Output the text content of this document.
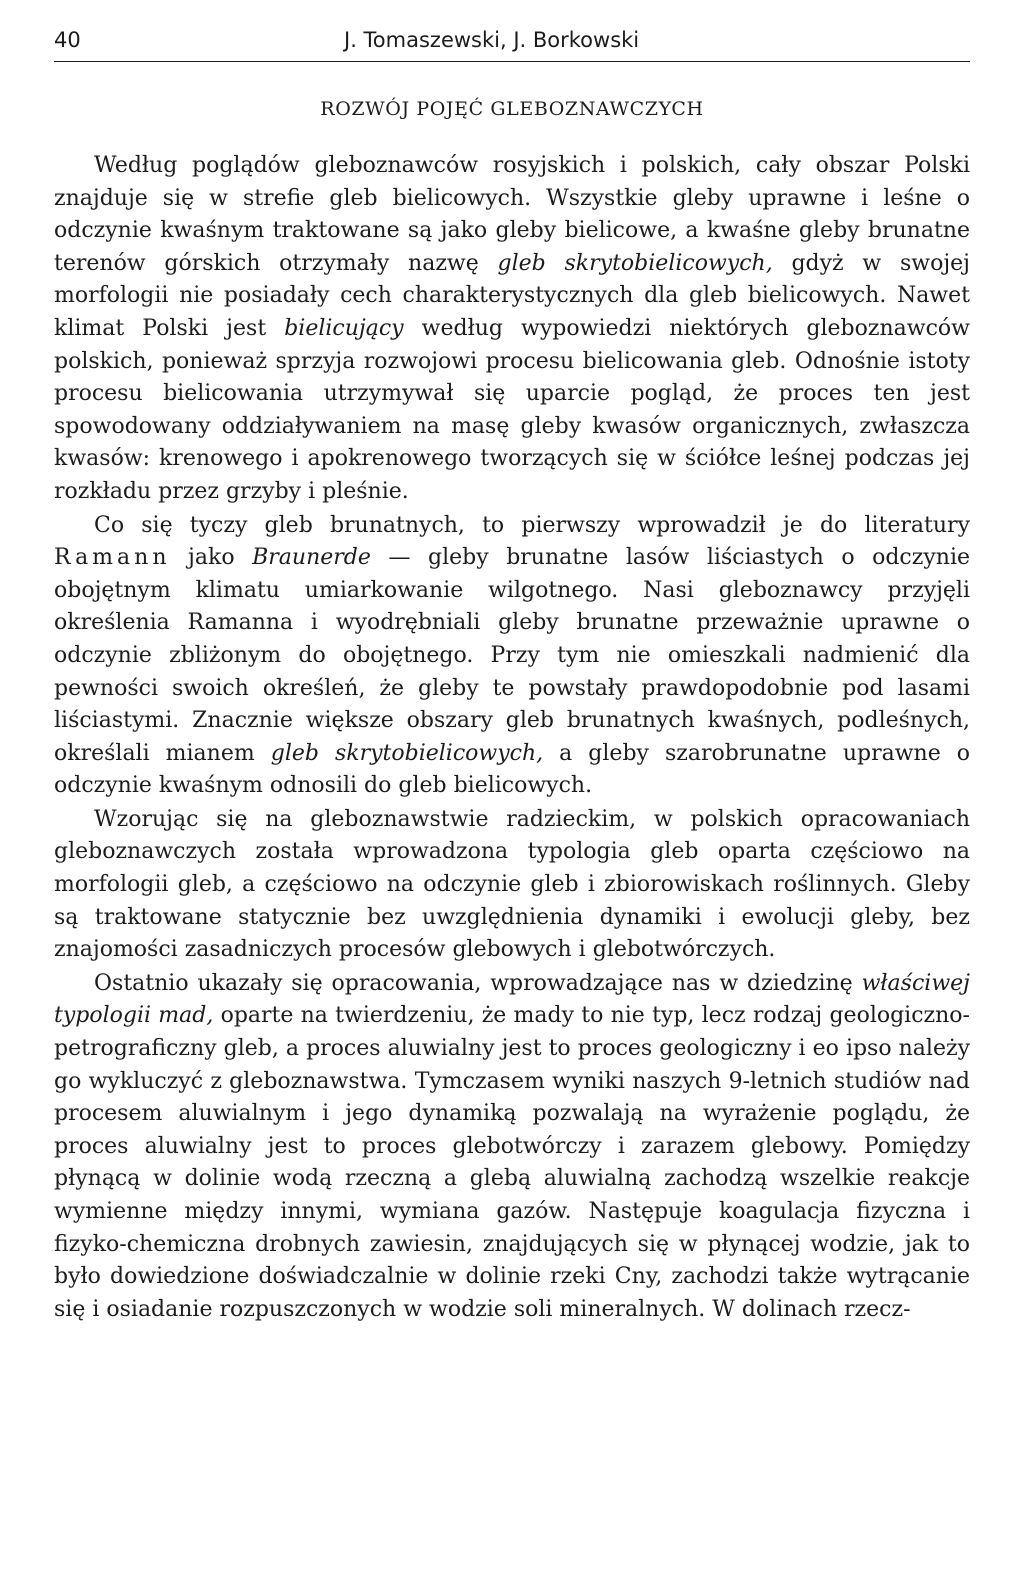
40	J. Tomaszewski, J. Borkowski
ROZWÓJ POJĘĆ GLEBOZNAWCZYCH

Według poglądów gleboznawców rosyjskich i polskich, cały obszar Polski znajduje się w strefie gleb bielicowych. Wszystkie gleby uprawne i leśne o odczynie kwaśnym traktowane są jako gleby bielicowe, a kwaśne gleby brunatne terenów górskich otrzymały nazwę gleb skrytobielicowych, gdyż w swojej morfologii nie posiadały cech charakterystycznych dla gleb bielicowych. Nawet klimat Polski jest bielicujący według wypowiedzi niektórych gleboznawców polskich, ponieważ sprzyja rozwojowi procesu bielicowania gleb. Odnośnie istoty procesu bielicowania utrzymywał się uparcie pogląd, że proces ten jest spowodowany oddziaływaniem na masę gleby kwasów organicznych, zwłaszcza kwasów: krenowego i apokrenowego tworzących się w ściółce leśnej podczas jej rozkładu przez grzyby i pleśnie.

Co się tyczy gleb brunatnych, to pierwszy wprowadził je do literatury Ramann jako Braunerde — gleby brunatne lasów liściastych o odczynie obojętnym klimatu umiarkowanie wilgotnego. Nasi gleboznawcy przyjęli określenia Ramanna i wyodrębniali gleby brunatne przeważnie uprawne o odczynie zbliżonym do obojętnego. Przy tym nie omieszkali nadmienić dla pewności swoich określeń, że gleby te powstały prawdopodobnie pod lasami liściastymi. Znacznie większe obszary gleb brunatnych kwaśnych, podleśnych, określali mianem gleb skrytobielicowych, a gleby szarobrunatne uprawne o odczynie kwaśnym odnosili do gleb bielicowych.

Wzorując się na gleboznawstwie radzieckim, w polskich opracowaniach gleboznawczych została wprowadzona typologia gleb oparta częściowo na morfologii gleb, a częściowo na odczynie gleb i zbiorowiskach roślinnych. Gleby są traktowane statycznie bez uwzględnienia dynamiki i ewolucji gleby, bez znajomości zasadniczych procesów glebowych i glebotwórczych.

Ostatnio ukazały się opracowania, wprowadzające nas w dziedzinę właściwej typologii mad, oparte na twierdzeniu, że mady to nie typ, lecz rodzaj geologiczno-petrograficzny gleb, a proces aluwialny jest to proces geologiczny i eo ipso należy go wykluczyć z gleboznawstwa. Tymczasem wyniki naszych 9-letnich studiów nad procesem aluwialnym i jego dynamiką pozwalają na wyrażenie poglądu, że proces aluwialny jest to proces glebotwórczy i zarazem glebowy. Pomiędzy płynącą w dolinie wodą rzeczną a glebą aluwialną zachodzą wszelkie reakcje wymienne między innymi, wymiana gazów. Następuje koagulacja fizyczna i fizyko-chemiczna drobnych zawiesin, znajdujących się w płynącej wodzie, jak to było dowiedzione doświadczalnie w dolinie rzeki Cny, zachodzi także wytrącanie się i osiadanie rozpuszczonych w wodzie soli mineralnych. W dolinach rzecz-
